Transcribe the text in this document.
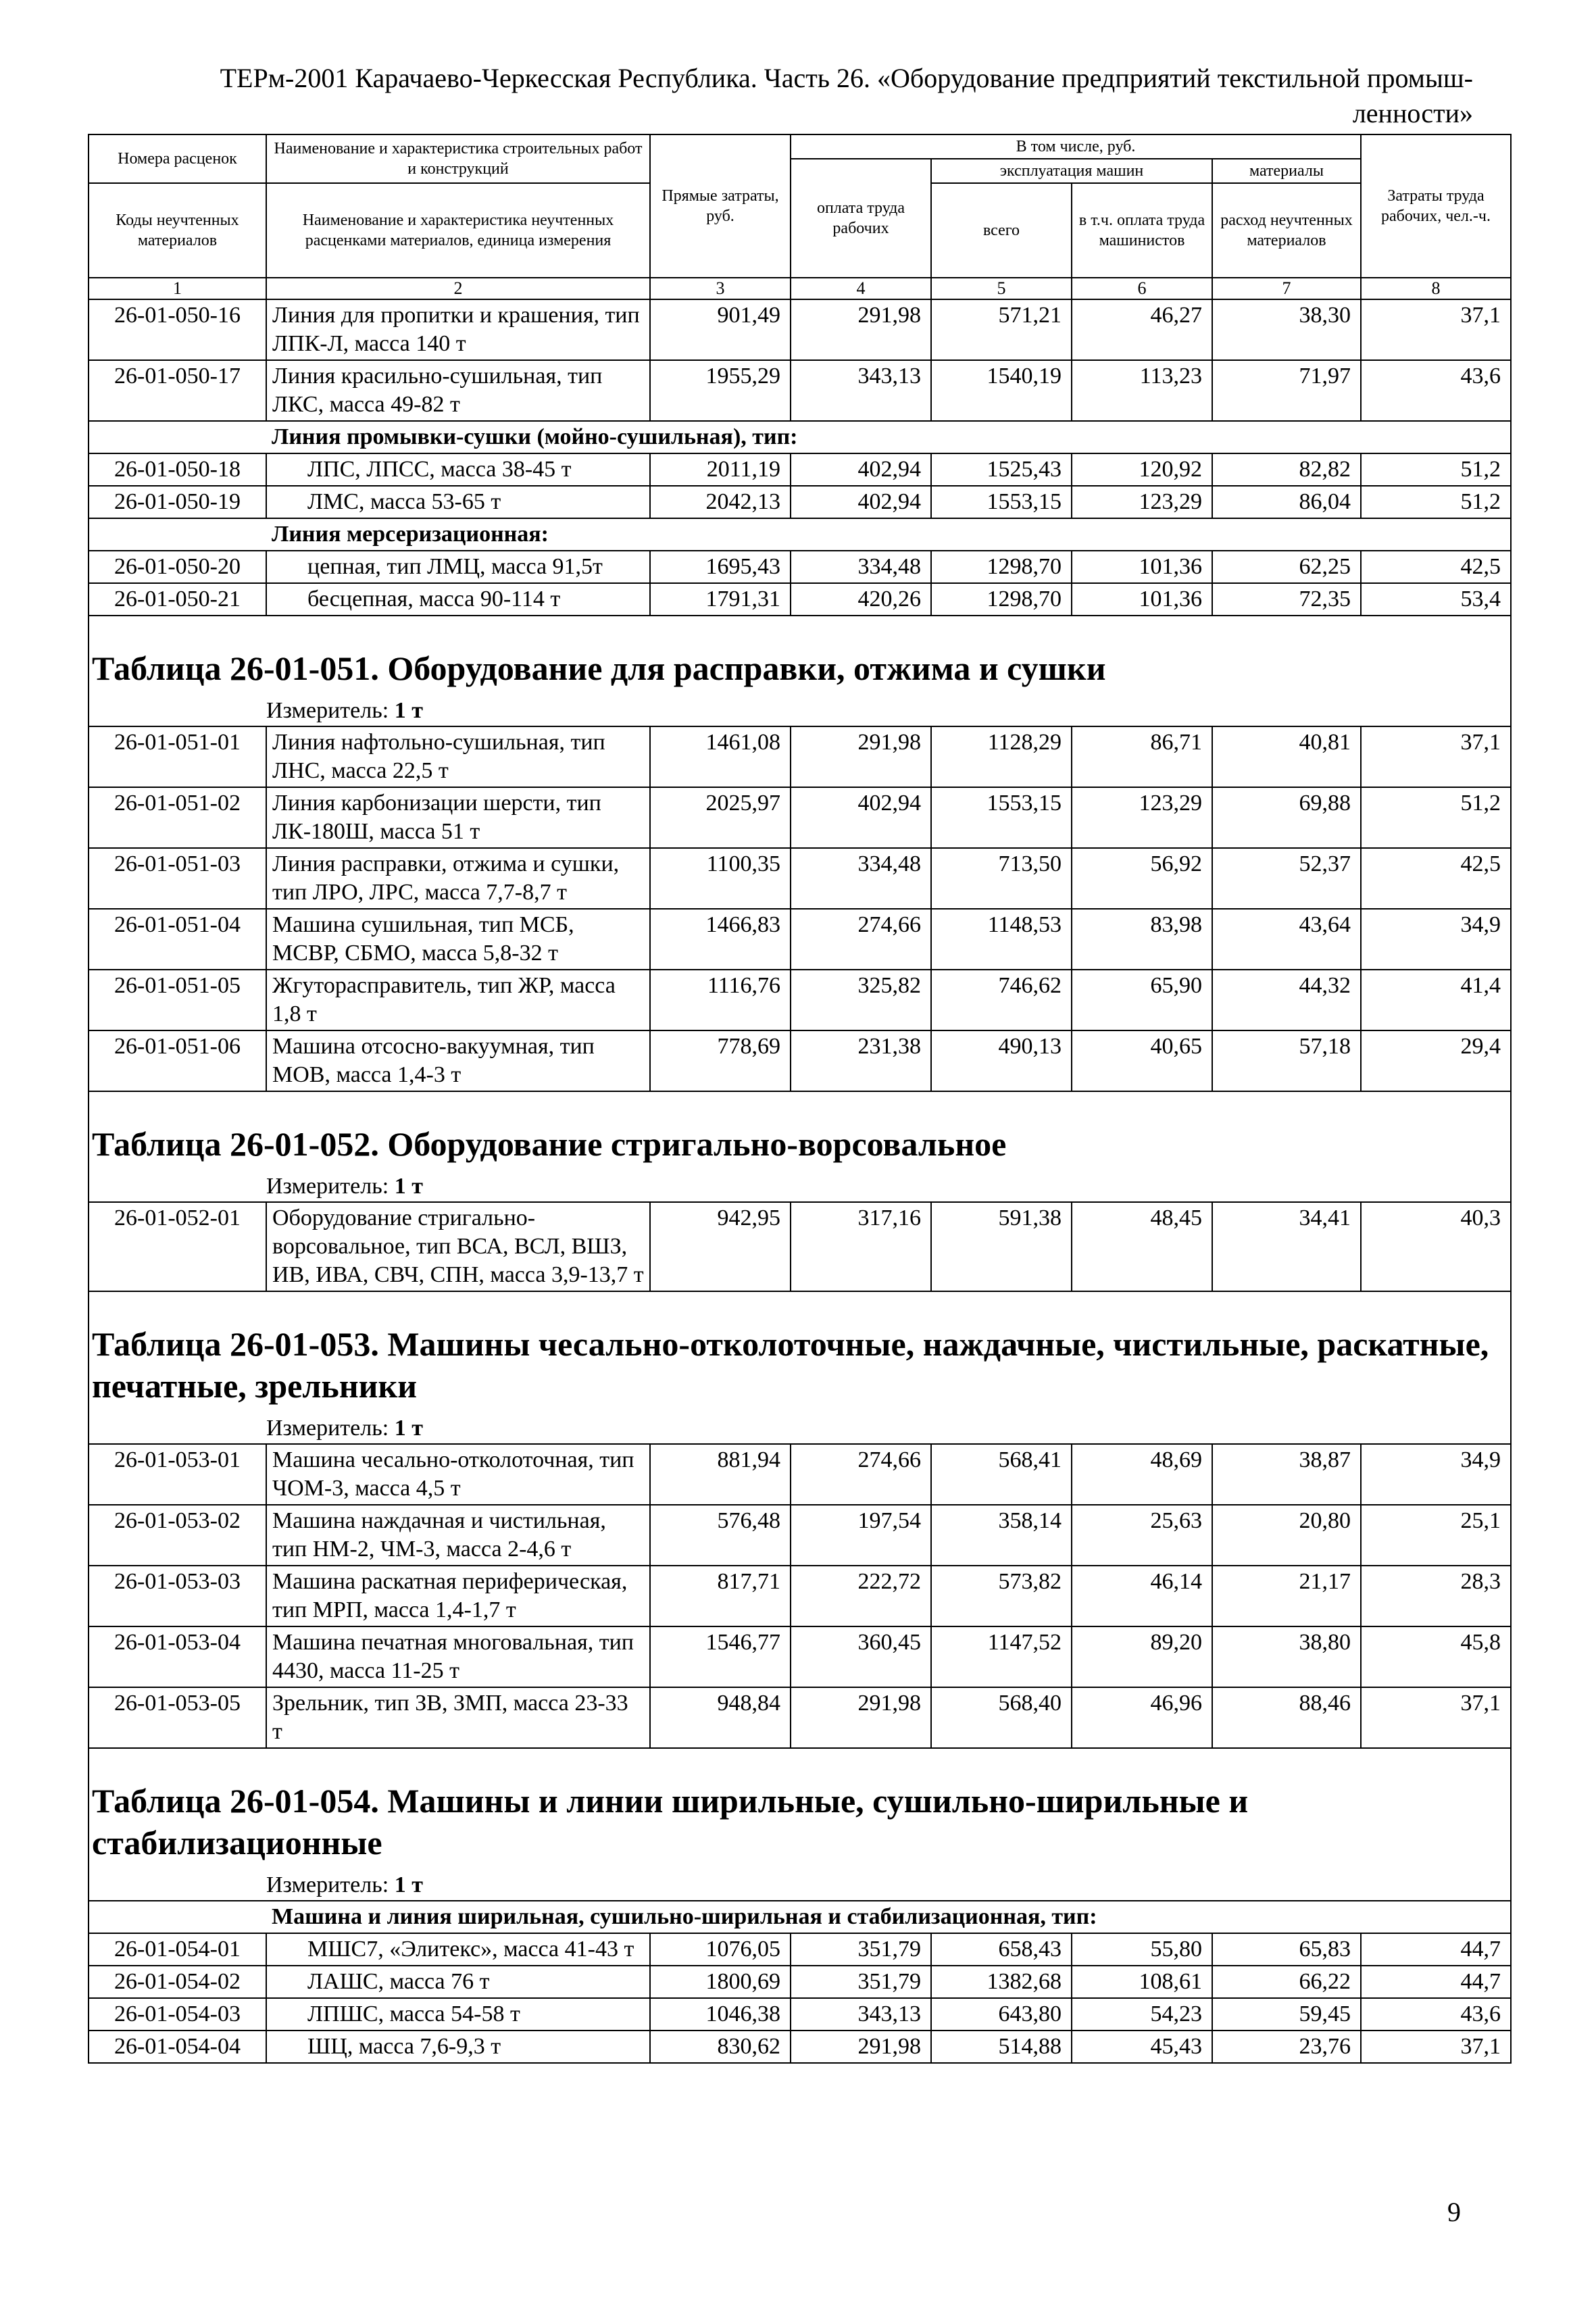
ТЕРм-2001 Карачаево-Черкесская Республика. Часть 26. «Оборудование предприятий текстильной промыш-
ленности»
Номера расценок	Наименование и характеристика строительных работ и конструкций	Прямые затраты, руб.	В том числе, руб.				Затраты труда рабочих, чел.-ч.
			оплата труда рабочих	эксплуатация машин		материалы	
Коды неучтенных материалов	Наименование и характеристика неучтенных расценками материалов, единица измерения			всего	в т.ч. оплата труда машинистов	расход неучтенных материалов	

1	2	3	4	5	6	7	8
26-01-050-16	Линия для пропитки и крашения, тип ЛПК-Л, масса 140 т	901,49	291,98	571,21	46,27	38,30	37,1
26-01-050-17	Линия красильно-сушильная, тип ЛКС, масса 49-82 т	1955,29	343,13	1540,19	113,23	71,97	43,6
	Линия промывки-сушки (мойно-сушильная), тип:						
26-01-050-18	ЛПС, ЛПСС, масса 38-45 т	2011,19	402,94	1525,43	120,92	82,82	51,2
26-01-050-19	ЛМС, масса 53-65 т	2042,13	402,94	1553,15	123,29	86,04	51,2
	Линия мерсеризационная:						
26-01-050-20	цепная, тип ЛМЦ, масса 91,5т	1695,43	334,48	1298,70	101,36	62,25	42,5
26-01-050-21	бесцепная, масса 90-114 т	1791,31	420,26	1298,70	101,36	72,35	53,4

Таблица 26-01-051. Оборудование для расправки, отжима и сушки							
Измеритель: 1 т							
26-01-051-01	Линия нафтольно-сушильная, тип ЛНС, масса 22,5 т	1461,08	291,98	1128,29	86,71	40,81	37,1
26-01-051-02	Линия карбонизации шерсти, тип ЛК-180Ш, масса 51 т	2025,97	402,94	1553,15	123,29	69,88	51,2
26-01-051-03	Линия расправки, отжима и сушки, тип ЛРО, ЛРС, масса 7,7-8,7 т	1100,35	334,48	713,50	56,92	52,37	42,5
26-01-051-04	Машина сушильная, тип МСБ, МСВР, СБМО, масса 5,8-32 т	1466,83	274,66	1148,53	83,98	43,64	34,9
26-01-051-05	Жгуторасправитель, тип ЖР, масса 1,8 т	1116,76	325,82	746,62	65,90	44,32	41,4
26-01-051-06	Машина отсосно-вакуумная, тип МОВ, масса 1,4-3 т	778,69	231,38	490,13	40,65	57,18	29,4

Таблица 26-01-052. Оборудование стригально-ворсовальное							
Измеритель: 1 т							
26-01-052-01	Оборудование стригально-ворсовальное, тип ВСА, ВСЛ, ВШЗ, ИВ, ИВА, СВЧ, СПН, масса 3,9-13,7 т	942,95	317,16	591,38	48,45	34,41	40,3

Таблица 26-01-053. Машины чесально-отколоточные, наждачные, чистильные, раскатные, печатные, зрельники							
Измеритель: 1 т							
26-01-053-01	Машина чесально-отколоточная, тип ЧОМ-3, масса 4,5 т	881,94	274,66	568,41	48,69	38,87	34,9
26-01-053-02	Машина наждачная и чистильная, тип НМ-2, ЧМ-3, масса 2-4,6 т	576,48	197,54	358,14	25,63	20,80	25,1
26-01-053-03	Машина раскатная периферическая, тип МРП, масса 1,4-1,7 т	817,71	222,72	573,82	46,14	21,17	28,3
26-01-053-04	Машина печатная многовальная, тип 4430, масса 11-25 т	1546,77	360,45	1147,52	89,20	38,80	45,8
26-01-053-05	Зрельник, тип ЗВ, ЗМП, масса 23-33 т	948,84	291,98	568,40	46,96	88,46	37,1

Таблица 26-01-054. Машины и линии ширильные, сушильно-ширильные и стабилизационные							
Измеритель: 1 т							
	Машина и линия ширильная, сушильно-ширильная и стабилизационная, тип:						
26-01-054-01	МШС7, «Элитекс», масса 41-43 т	1076,05	351,79	658,43	55,80	65,83	44,7
26-01-054-02	ЛАШС, масса 76 т	1800,69	351,79	1382,68	108,61	66,22	44,7
26-01-054-03	ЛПШС, масса 54-58 т	1046,38	343,13	643,80	54,23	59,45	43,6
26-01-054-04	ШЦ, масса 7,6-9,3 т	830,62	291,98	514,88	45,43	23,76	37,1
9
